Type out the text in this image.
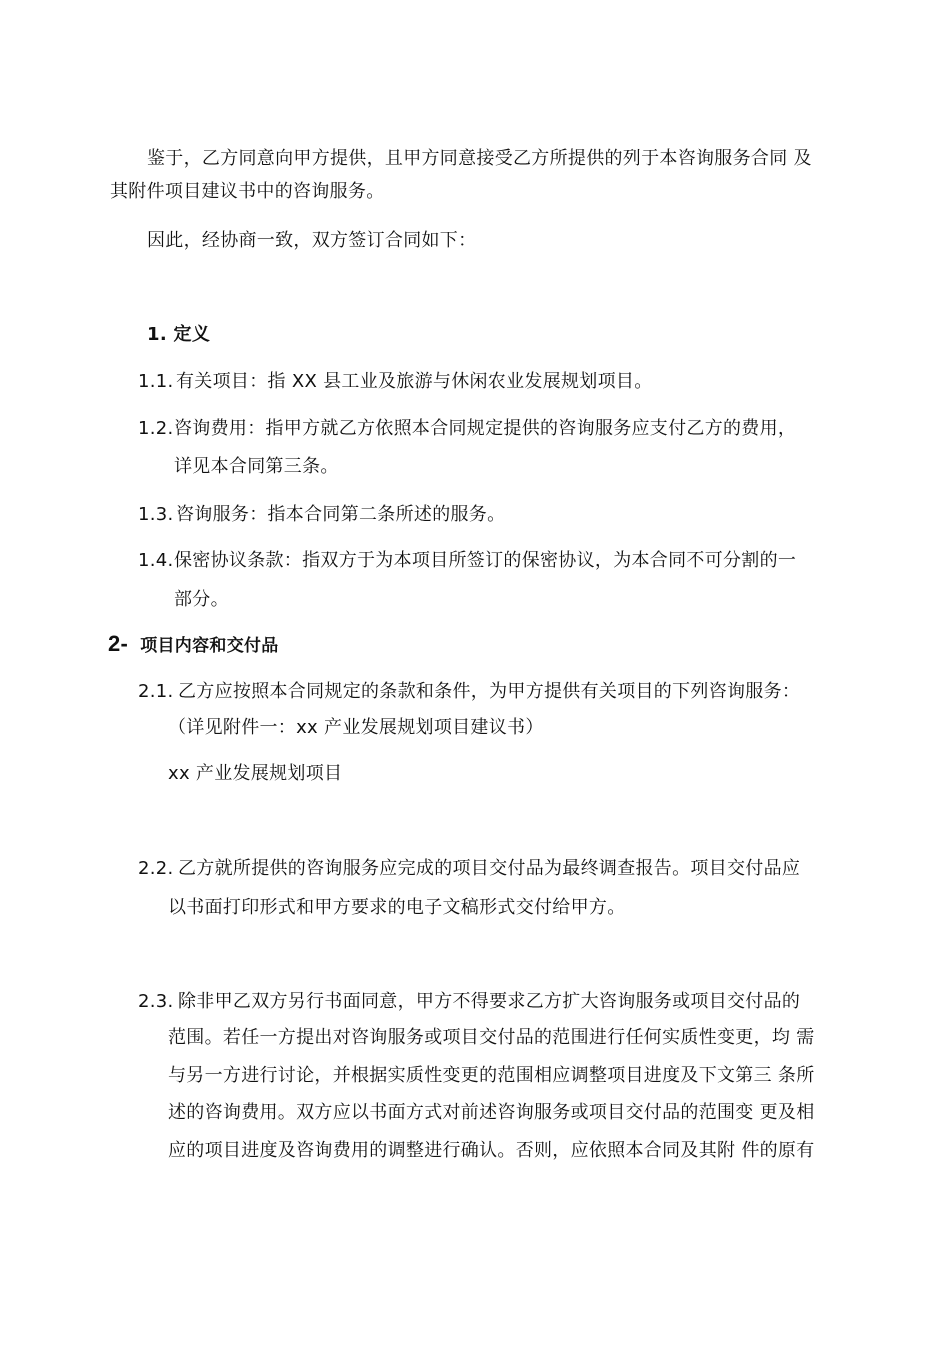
鉴于，乙方同意向甲方提供，且甲方同意接受乙方所提供的列于本咨询服务合同 及
其附件项目建议书中的咨询服务。
因此，经协商一致，双方签订合同如下：
1. 定义
1.1. 有关项目：指 XX 县工业及旅游与休闲农业发展规划项目。
1.2.咨询费用：指甲方就乙方依照本合同规定提供的咨询服务应支付乙方的费用，
详见本合同第三条。
1.3. 咨询服务：指本合同第二条所述的服务。
1.4.保密协议条款：指双方于为本项目所签订的保密协议，为本合同不可分割的一
部分。
2- 项目内容和交付品
2.1. 乙方应按照本合同规定的条款和条件，为甲方提供有关项目的下列咨询服务：
（详见附件一：xx 产业发展规划项目建议书）
xx 产业发展规划项目
2.2. 乙方就所提供的咨询服务应完成的项目交付品为最终调查报告。项目交付品应
以书面打印形式和甲方要求的电子文稿形式交付给甲方。
2.3. 除非甲乙双方另行书面同意，甲方不得要求乙方扩大咨询服务或项目交付品的
范围。若任一方提出对咨询服务或项目交付品的范围进行任何实质性变更，均 需
与另一方进行讨论，并根据实质性变更的范围相应调整项目进度及下文第三 条所
述的咨询费用。双方应以书面方式对前述咨询服务或项目交付品的范围变 更及相
应的项目进度及咨询费用的调整进行确认。否则，应依照本合同及其附 件的原有
